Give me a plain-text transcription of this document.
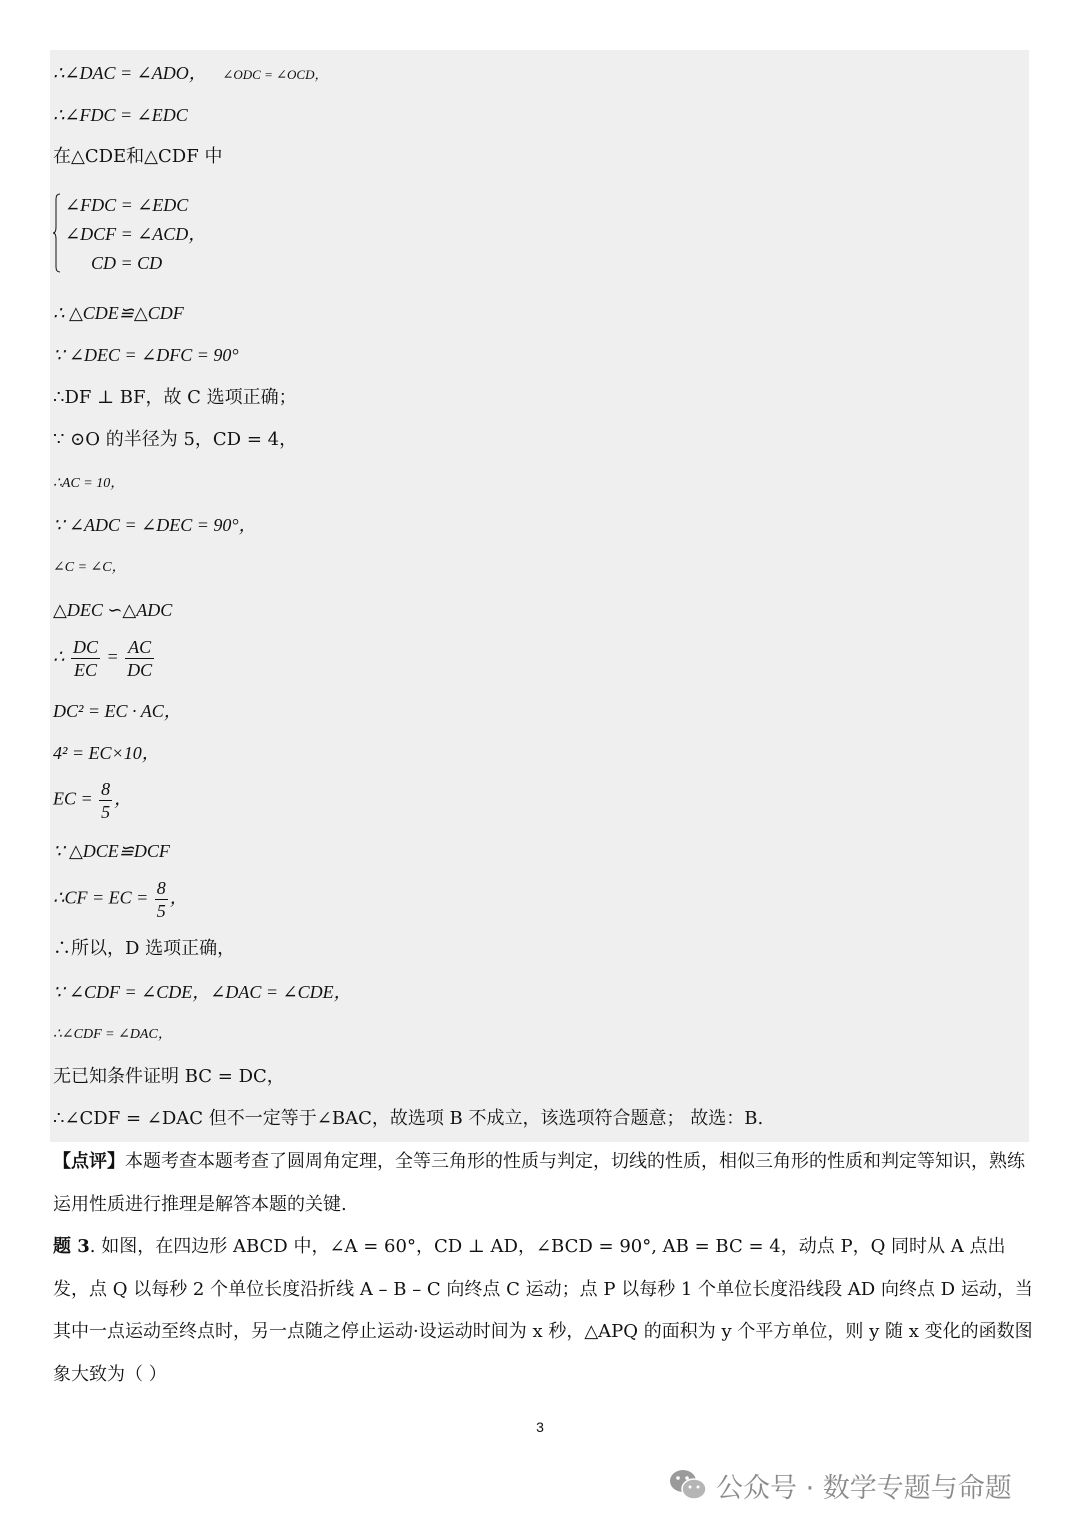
∴∠DAC = ∠ADO， ∠ODC = ∠OCD，
∴∠FDC = ∠EDC
在△CDE和△CDF 中
∠FDC = ∠EDC
∠DCF = ∠ACD，
CD = CD
∴ △CDE≌△CDF
∵ ∠DEC = ∠DFC = 90°
∴DF ⊥ BF，故 C 选项正确；
∵ ⊙O 的半径为 5，CD = 4，
∴AC = 10，
∵ ∠ADC = ∠DEC = 90°，
∠C = ∠C，
△DEC ∽△ADC
∴ $\frac{DC}{EC} = \frac{AC}{DC}$
DC² = EC · AC，
4² = EC×10，
EC = $\frac{8}{5}$ ，
∵ △DCE≌DCF
∴CF = EC = $\frac{8}{5}$ ，
∴所以，D 选项正确，
∵ ∠CDF = ∠CDE，∠DAC = ∠CDE，
∴∠CDF = ∠DAC，
无已知条件证明 BC = DC，
∴∠CDF = ∠DAC 但不一定等于∠BAC，故选项 B 不成立，该选项符合题意； 故选：B.
【点评】本题考查本题考查了圆周角定理，全等三角形的性质与判定，切线的性质，相似三角形的性质和判定等知识，熟练运用性质进行推理是解答本题的关键.
题 3. 如图，在四边形 ABCD 中，∠A = 60°，CD ⊥ AD，∠BCD = 90°, AB = BC = 4，动点 P，Q 同时从 A 点出发，点 Q 以每秒 2 个单位长度沿折线 A – B – C 向终点 C 运动；点 P 以每秒 1 个单位长度沿线段 AD 向终点 D 运动，当其中一点运动至终点时，另一点随之停止运动·设运动时间为 x 秒，△APQ 的面积为 y 个平方单位，则 y 随 x 变化的函数图象大致为（ ）
3
公众号 · 数学专题与命题
